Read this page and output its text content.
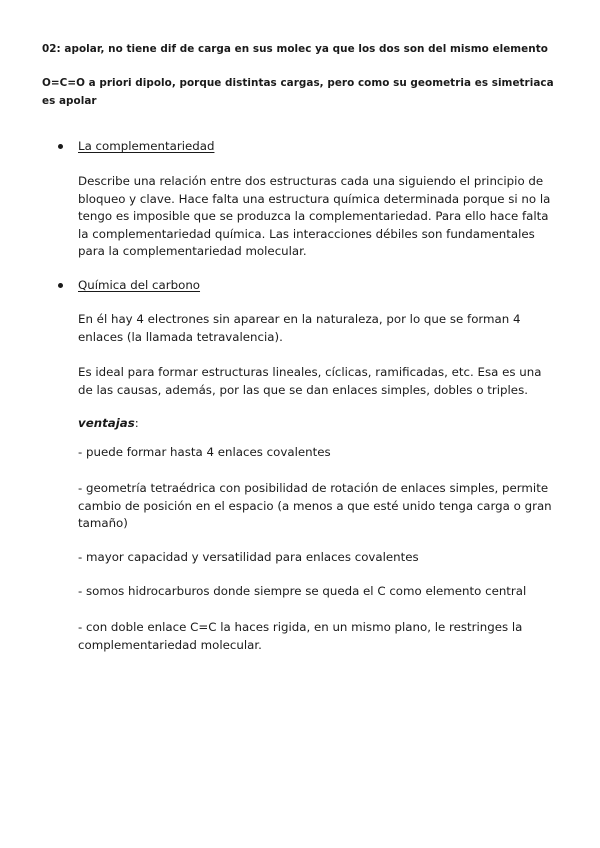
02: apolar, no tiene dif de carga en sus molec ya que los dos son del mismo elemento
O=C=O a priori dipolo, porque distintas cargas, pero como su geometria es simetriaca es apolar
La complementariedad
Describe una relación entre dos estructuras cada una siguiendo el principio de bloqueo y clave. Hace falta una estructura química determinada porque si no la tengo es imposible que se produzca la complementariedad. Para ello hace falta la complementariedad química. Las interacciones débiles son fundamentales para la complementariedad molecular.
Química del carbono
En él hay 4 electrones sin aparear en la naturaleza, por lo que se forman 4 enlaces (la llamada tetravalencia).
Es ideal para formar estructuras lineales, cíclicas, ramificadas, etc. Esa es una de las causas, además, por las que se dan enlaces simples, dobles o triples.
ventajas:
- puede formar hasta 4 enlaces covalentes
- geometría tetraédrica con posibilidad de rotación de enlaces simples, permite cambio de posición en el espacio (a menos a que esté unido tenga carga o gran tamaño)
- mayor capacidad y versatilidad para enlaces covalentes
- somos hidrocarburos donde siempre se queda el C como elemento central
- con doble enlace C=C la haces rigida, en un mismo plano, le restringes la complementariedad molecular.
